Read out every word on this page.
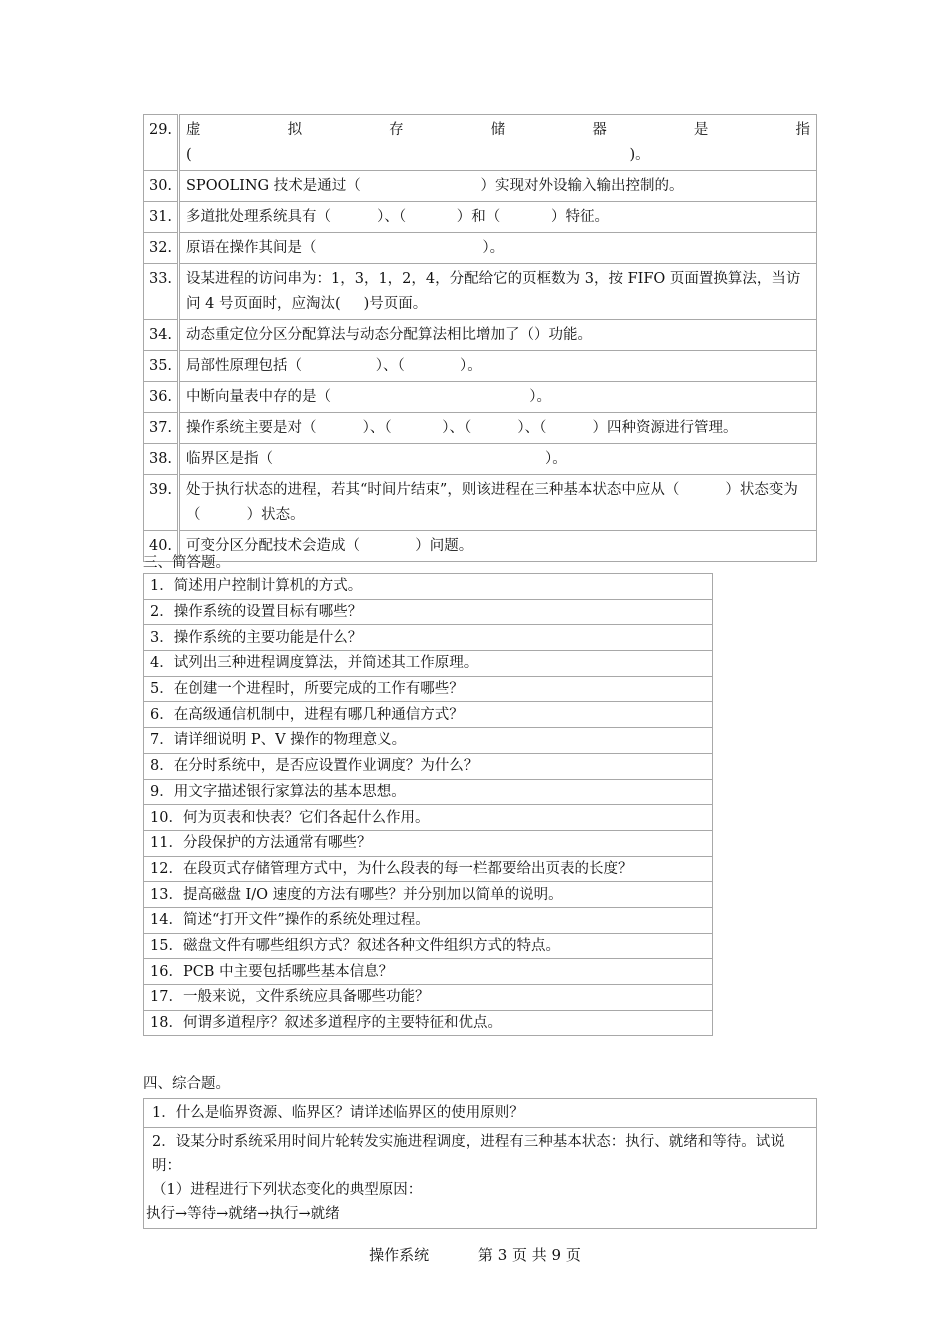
29.	虚拟存储器是指
(                                                                                               )。

30.	SPOOLING 技术是通过（                          ）实现对外设输入输出控制的。
31.	多道批处理系统具有（          ）、（           ）和（           ）特征。
32.	原语在操作其间是（                                    ）。
33.	设某进程的访问串为：1，3，1，2，4，分配给它的页框数为 3，按 FIFO 页面置换算法，当访问 4 号页面时，应淘汰(     )号页面。
34.	动态重定位分区分配算法与动态分配算法相比增加了（）功能。
35.	局部性原理包括（                ）、（            ）。
36.	中断向量表中存的是（                                           ）。
37.	操作系统主要是对（          ）、（           ）、（          ）、（          ）四种资源进行管理。
38.	临界区是指（                                                           ）。
39.	处于执行状态的进程，若其“时间片结束”，则该进程在三种基本状态中应从（          ）状态变为（          ）状态。
40.	可变分区分配技术会造成（            ）问题。
三、简答题。
1．简述用户控制计算机的方式。
2．操作系统的设置目标有哪些？
3．操作系统的主要功能是什么？
4．试列出三种进程调度算法，并简述其工作原理。
5．在创建一个进程时，所要完成的工作有哪些？
6．在高级通信机制中，进程有哪几种通信方式？
7．请详细说明 P、V 操作的物理意义。
8．在分时系统中，是否应设置作业调度？为什么？
9．用文字描述银行家算法的基本思想。
10．何为页表和快表？它们各起什么作用。
11．分段保护的方法通常有哪些？
12．在段页式存储管理方式中，为什么段表的每一栏都要给出页表的长度？
13．提高磁盘 I/O 速度的方法有哪些？并分别加以简单的说明。
14．简述“打开文件”操作的系统处理过程。
15．磁盘文件有哪些组织方式？叙述各种文件组织方式的特点。
16．PCB 中主要包括哪些基本信息？
17．一般来说，文件系统应具备哪些功能？
18．何谓多道程序？叙述多道程序的主要特征和优点。
四、综合题。
1．什么是临界资源、临界区？请详述临界区的使用原则？
2．设某分时系统采用时间片轮转发实施进程调度，进程有三种基本状态：执行、就绪和等待。试说明：
（1）进程进行下列状态变化的典型原因：
执行→等待→就绪→执行→就绪
操作系统	第 3 页 共 9 页
